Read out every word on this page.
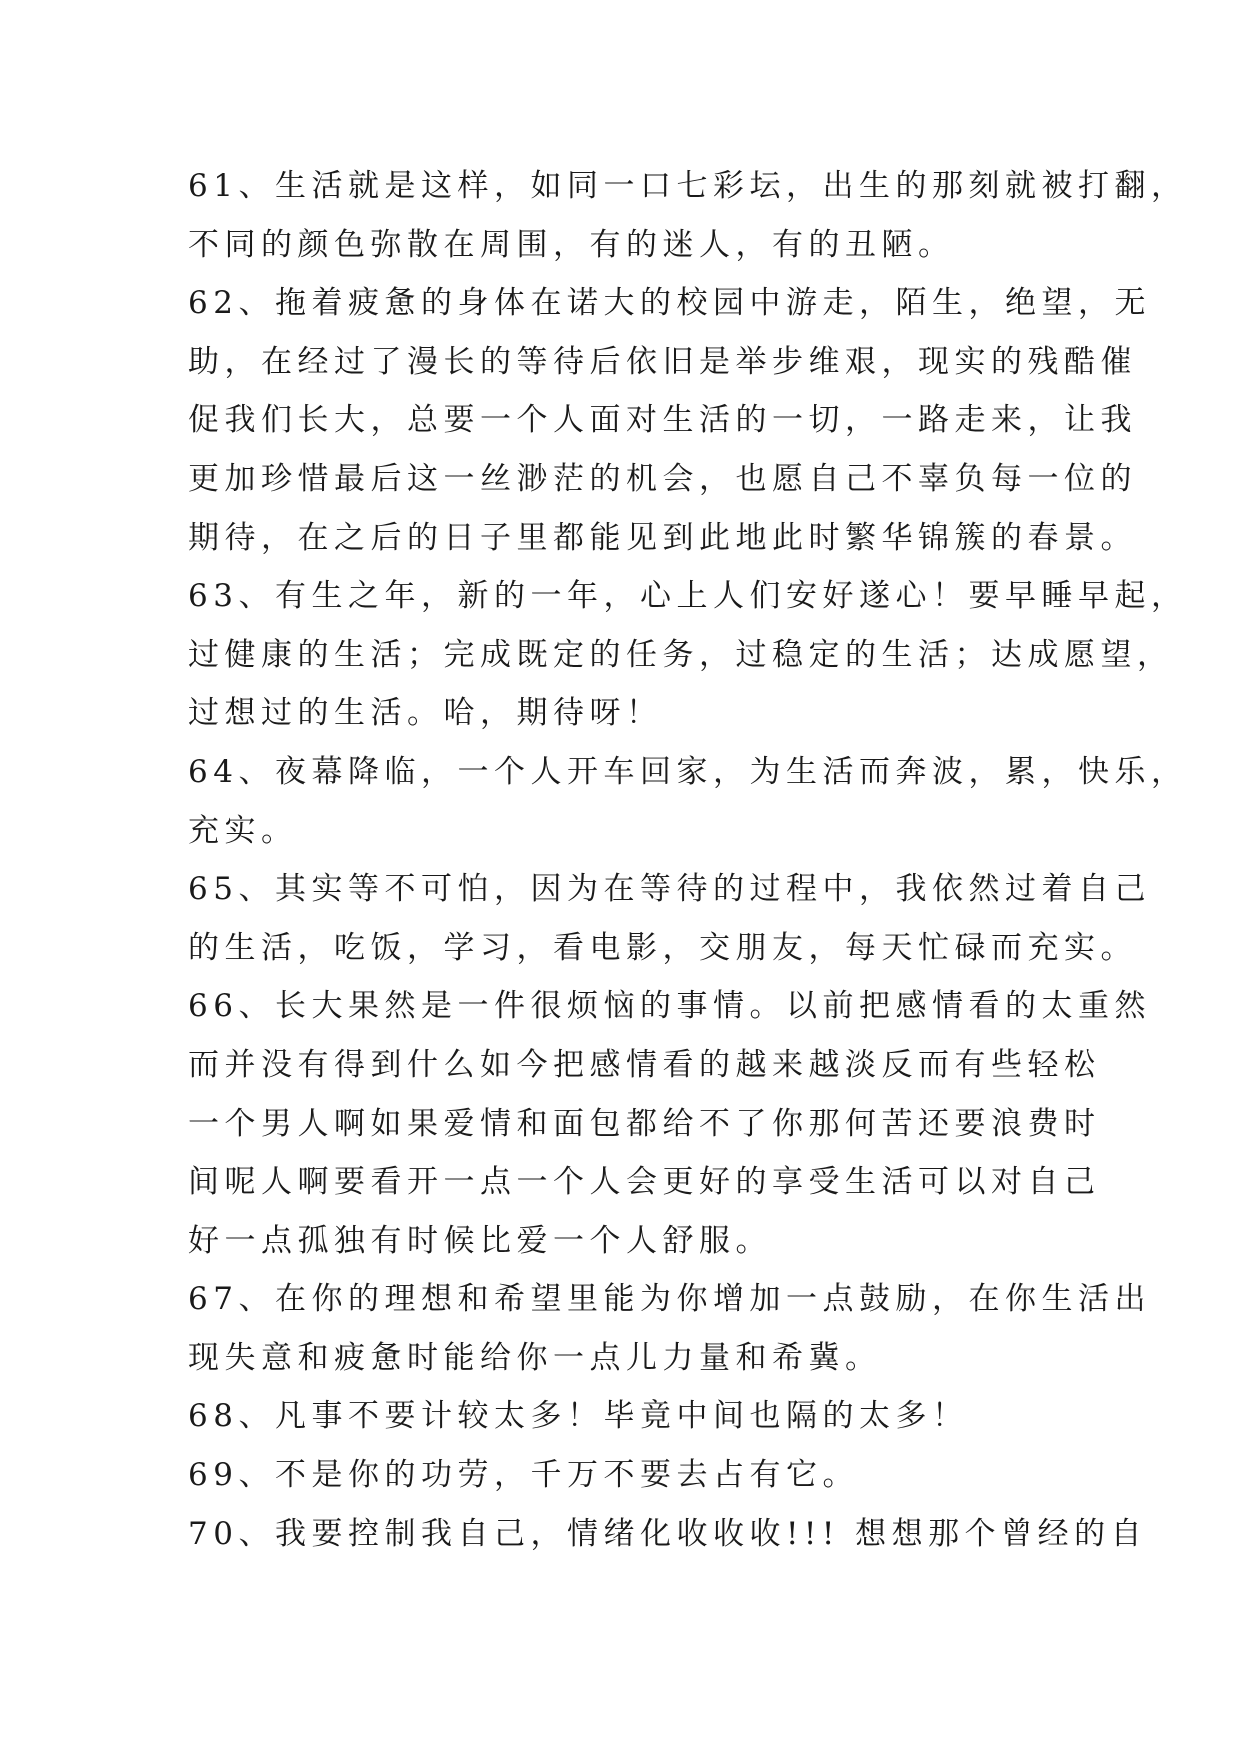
61、生活就是这样，如同一口七彩坛，出生的那刻就被打翻，
不同的颜色弥散在周围，有的迷人，有的丑陋。
62、拖着疲惫的身体在诺大的校园中游走，陌生，绝望，无
助，在经过了漫长的等待后依旧是举步维艰，现实的残酷催
促我们长大，总要一个人面对生活的一切，一路走来，让我
更加珍惜最后这一丝渺茫的机会，也愿自己不辜负每一位的
期待，在之后的日子里都能见到此地此时繁华锦簇的春景。
63、有生之年，新的一年，心上人们安好遂心！要早睡早起，
过健康的生活；完成既定的任务，过稳定的生活；达成愿望，
过想过的生活。哈，期待呀！
64、夜幕降临，一个人开车回家，为生活而奔波，累，快乐，
充实。
65、其实等不可怕，因为在等待的过程中，我依然过着自己
的生活，吃饭，学习，看电影，交朋友，每天忙碌而充实。
66、长大果然是一件很烦恼的事情。以前把感情看的太重然
而并没有得到什么如今把感情看的越来越淡反而有些轻松
一个男人啊如果爱情和面包都给不了你那何苦还要浪费时
间呢人啊要看开一点一个人会更好的享受生活可以对自己
好一点孤独有时候比爱一个人舒服。
67、在你的理想和希望里能为你增加一点鼓励，在你生活出
现失意和疲惫时能给你一点儿力量和希冀。
68、凡事不要计较太多！毕竟中间也隔的太多！
69、不是你的功劳，千万不要去占有它。
70、我要控制我自己，情绪化收收收!!! 想想那个曾经的自
